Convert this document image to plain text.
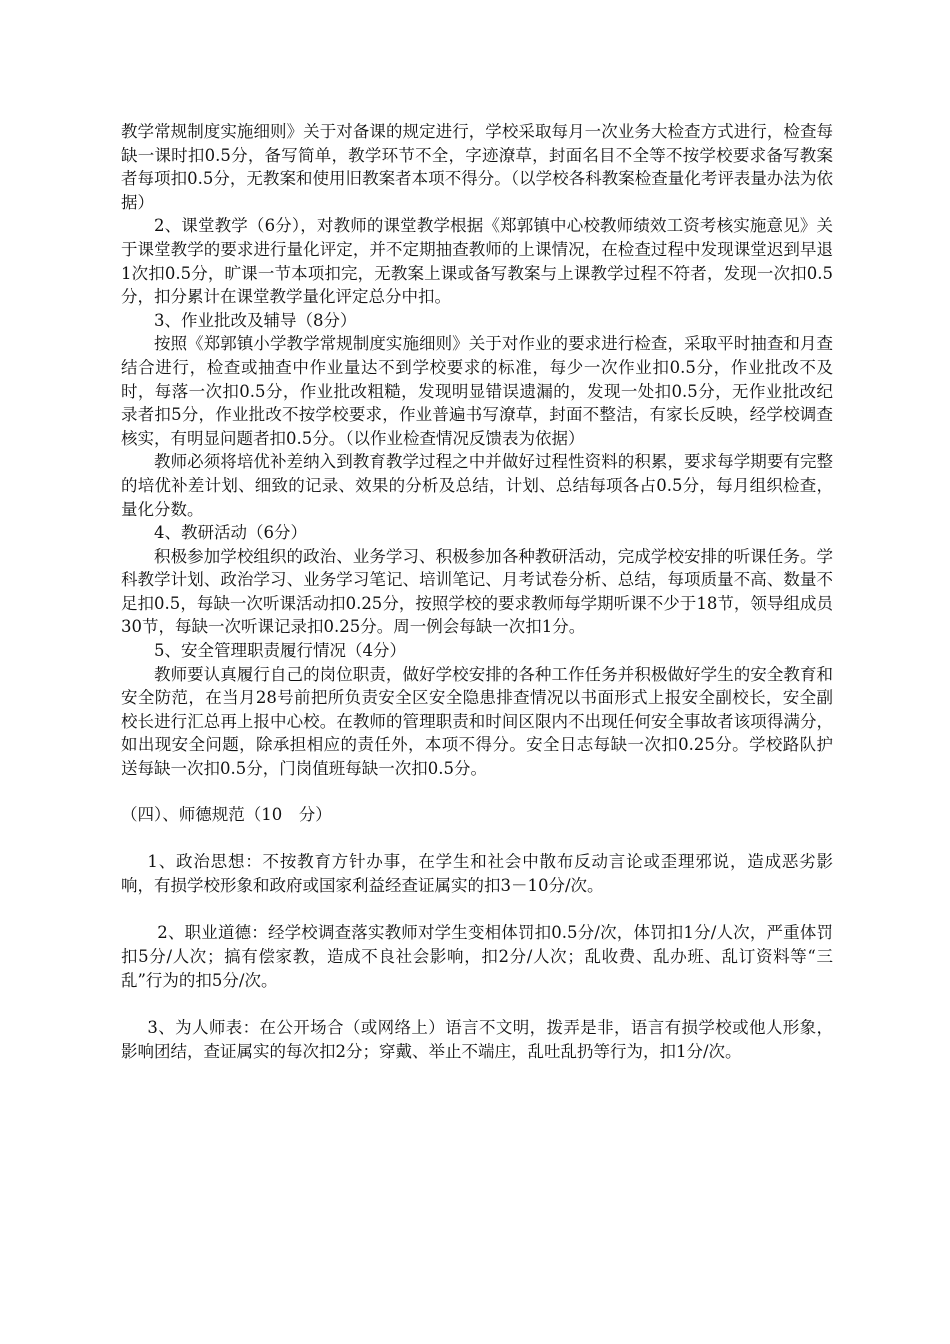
教学常规制度实施细则》关于对备课的规定进行，学校采取每月一次业务大检查方式进行，检查每缺一课时扣0.5分，备写简单，教学环节不全，字迹潦草，封面名目不全等不按学校要求备写教案者每项扣0.5分，无教案和使用旧教案者本项不得分。（以学校各科教案检查量化考评表量办法为依据）

2、课堂教学（6分），对教师的课堂教学根据《郑郭镇中心校教师绩效工资考核实施意见》关于课堂教学的要求进行量化评定，并不定期抽查教师的上课情况，在检查过程中发现课堂迟到早退1次扣0.5分，旷课一节本项扣完，无教案上课或备写教案与上课教学过程不符者，发现一次扣0.5分，扣分累计在课堂教学量化评定总分中扣。

3、作业批改及辅导（8分）

按照《郑郭镇小学教学常规制度实施细则》关于对作业的要求进行检查，采取平时抽查和月查结合进行，检查或抽查中作业量达不到学校要求的标准，每少一次作业扣0.5分，作业批改不及时，每落一次扣0.5分，作业批改粗糙，发现明显错误遗漏的，发现一处扣0.5分，无作业批改纪录者扣5分，作业批改不按学校要求，作业普遍书写潦草，封面不整洁，有家长反映，经学校调查核实，有明显问题者扣0.5分。（以作业检查情况反馈表为依据）

教师必须将培优补差纳入到教育教学过程之中并做好过程性资料的积累，要求每学期要有完整的培优补差计划、细致的记录、效果的分析及总结，计划、总结每项各占0.5分，每月组织检查，量化分数。

4、教研活动（6分）

积极参加学校组织的政治、业务学习、积极参加各种教研活动，完成学校安排的听课任务。学科教学计划、政治学习、业务学习笔记、培训笔记、月考试卷分析、总结，每项质量不高、数量不足扣0.5，每缺一次听课活动扣0.25分，按照学校的要求教师每学期听课不少于18节，领导组成员30节，每缺一次听课记录扣0.25分。周一例会每缺一次扣1分。

5、安全管理职责履行情况（4分）

教师要认真履行自己的岗位职责，做好学校安排的各种工作任务并积极做好学生的安全教育和安全防范，在当月28号前把所负责安全区安全隐患排查情况以书面形式上报安全副校长，安全副校长进行汇总再上报中心校。在教师的管理职责和时间区限内不出现任何安全事故者该项得满分，如出现安全问题，除承担相应的责任外，本项不得分。安全日志每缺一次扣0.25分。学校路队护送每缺一次扣0.5分，门岗值班每缺一次扣0.5分。

（四）、师德规范（10　分）

1、政治思想：不按教育方针办事，在学生和社会中散布反动言论或歪理邪说，造成恶劣影响，有损学校形象和政府或国家利益经查证属实的扣3－10分/次。

2、职业道德：经学校调查落实教师对学生变相体罚扣0.5分/次，体罚扣1分/人次，严重体罚扣5分/人次；搞有偿家教，造成不良社会影响，扣2分/人次；乱收费、乱办班、乱订资料等“三乱”行为的扣5分/次。

3、为人师表：在公开场合（或网络上）语言不文明，拨弄是非，语言有损学校或他人形象，影响团结，查证属实的每次扣2分；穿戴、举止不端庄，乱吐乱扔等行为，扣1分/次。
